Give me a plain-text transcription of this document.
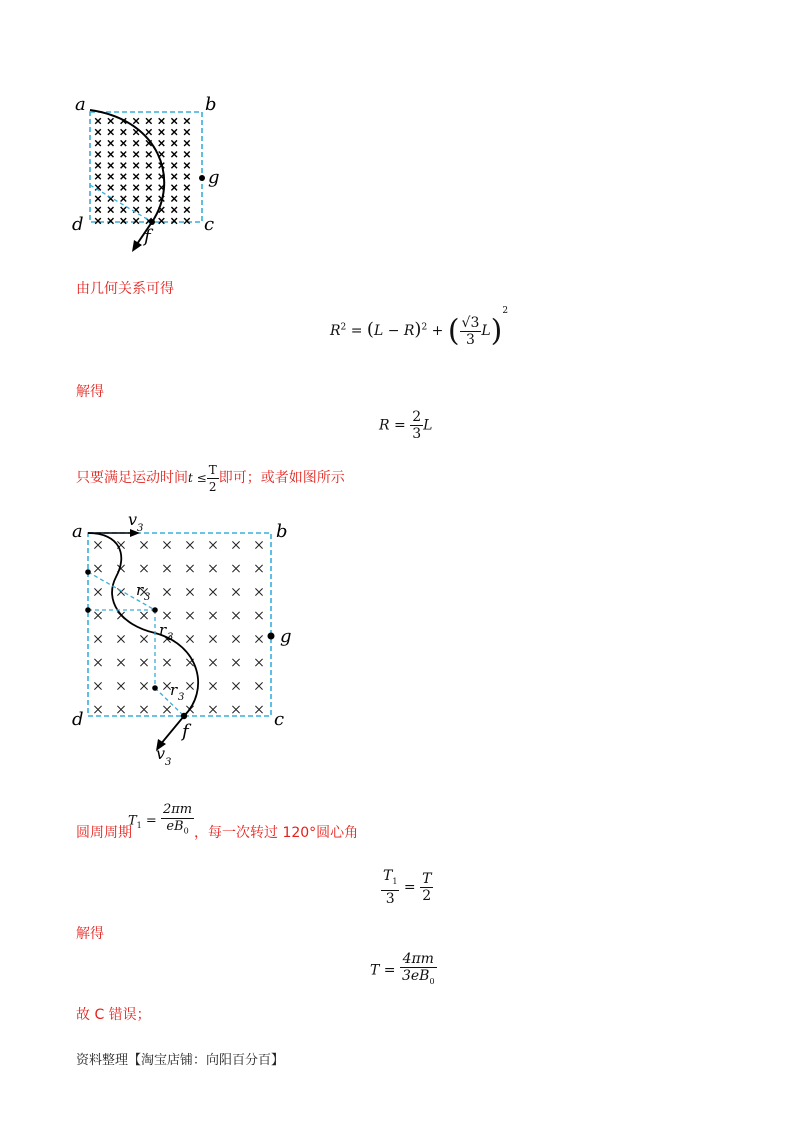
a	b
g
d	c
f
由几何关系可得
$R^2 = (L - R)^2$ + ( $\frac{√3}{3} L)^2$
解得
$R = \frac{2}{3}$ L
只要满足运动时间$t \le \frac{T}{2}$ 即可；或者如图所示
a	b
g
d	c
f
v 3
v 3
r 3
r 3
r 3
$T_1 = \frac{2\pi m}{eB_0}$
圆周周期	，每一次转过 120°圆心角
$\frac{T_1}{3} = \frac{T}{2}$
解得
$T = \frac{4\pi m}{3eB_0}$
故 C 错误；
资料整理【淘宝店铺：向阳百分百】
